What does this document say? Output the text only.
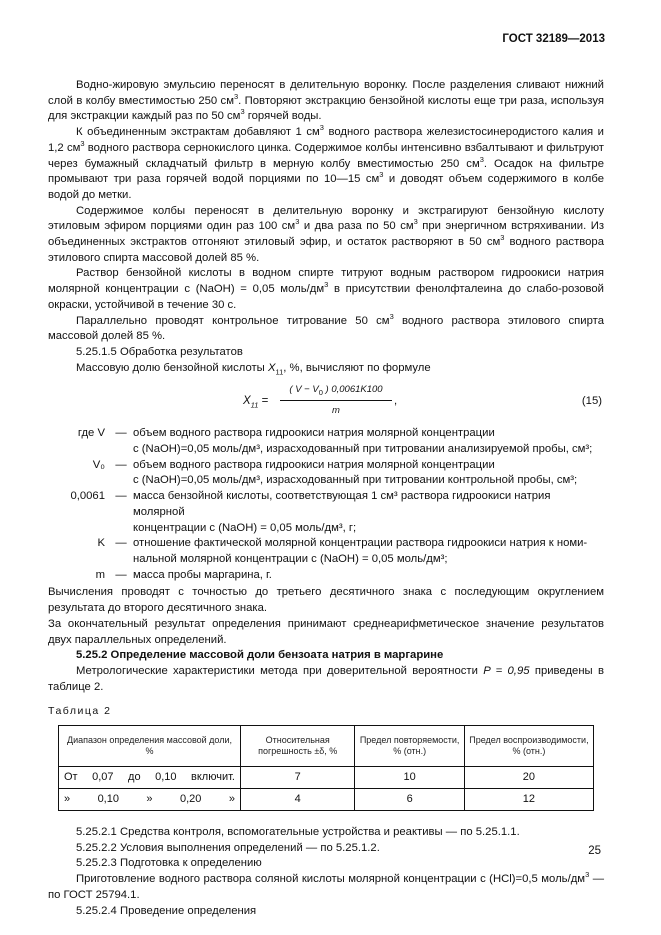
ГОСТ 32189—2013

Водно-жировую эмульсию переносят в делительную воронку. После разделения сливают нижний слой в колбу вместимостью 250 $см^3$. Повторяют экстракцию бензойной кислоты еще три раза, используя для экстракции каждый раз по 50 $см^3$ горячей воды.

К объединенным экстрактам добавляют 1 $см^3$ водного раствора железистосинеродистого калия и 1,2 $см^3$ водного раствора сернокислого цинка. Содержимое колбы интенсивно взбалтывают и фильтруют через бумажный складчатый фильтр в мерную колбу вместимостью 250 $см^3$. Осадок на фильтре промывают три раза горячей водой порциями по 10—15 $см^3$ и доводят объем содержимого в колбе водой до метки.

Содержимое колбы переносят в делительную воронку и экстрагируют бензойную кислоту этиловым эфиром порциями один раз 100 $см^3$ и два раза по 50 $см^3$ при энергичном встряхивании. Из объединенных экстрактов отгоняют этиловый эфир, и остаток растворяют в 50 $см^3$ водного раствора этилового спирта массовой долей 85 %.

Раствор бензойной кислоты в водном спирте титруют водным раствором гидроокиси натрия молярной концентрации с (NaOH) = 0,05 моль/$дм^3$ в присутствии фенолфталеина до слабо-розовой окраски, устойчивой в течение 30 с.

Параллельно проводят контрольное титрование 50 $см^3$ водного раствора этилового спирта массовой долей 85 %.

5.25.1.5 Обработка результатов

Массовую долю бензойной кислоты $X_{11}$, %, вычисляют по формуле

$X_{11} = \frac{( V - V_0 ) 0,0061K100}{m}$ ,	(15)
где V — объем водного раствора гидроокиси натрия молярной концентрации
с (NaOH)=0,05 моль/дм³, израсходованный при титровании анализируемой пробы, см³;
V₀ — объем водного раствора гидроокиси натрия молярной концентрации
с (NaOH)=0,05 моль/дм³, израсходованный при титровании контрольной пробы, см³;
0,0061 — масса бензойной кислоты, соответствующая 1 см³ раствора гидроокиси натрия молярной
концентрации с (NaOH) = 0,05 моль/дм³, г;
K — отношение фактической молярной концентрации раствора гидроокиси натрия к номи-
нальной молярной концентрации с (NaOH) = 0,05 моль/дм³;
m — масса пробы маргарина, г.

Вычисления проводят с точностью до третьего десятичного знака с последующим округлением результата до второго десятичного знака.

За окончательный результат определения принимают среднеарифметическое значение результатов двух параллельных определений.

5.25.2 Определение массовой доли бензоата натрия в маргарине

Метрологические характеристики метода при доверительной вероятности P = 0,95 приведены в таблице 2.

Таблица 2
Диапазон определения массовой доли, %	Относительная погрешность ±δ, %	Предел повторяемости, % (отн.)	Предел воспроизводимости, % (отн.)

От 0,07 до 0,10 включит.	7	10	20

» 0,10 » 0,20 »	4	6	12

5.25.2.1 Средства контроля, вспомогательные устройства и реактивы — по 5.25.1.1.

5.25.2.2 Условия выполнения определений — по 5.25.1.2.

5.25.2.3 Подготовка к определению

Приготовление водного раствора соляной кислоты молярной концентрации с (HCl)=0,5 моль/$дм^3$ — по ГОСТ 25794.1.

5.25.2.4 Проведение определения

25
